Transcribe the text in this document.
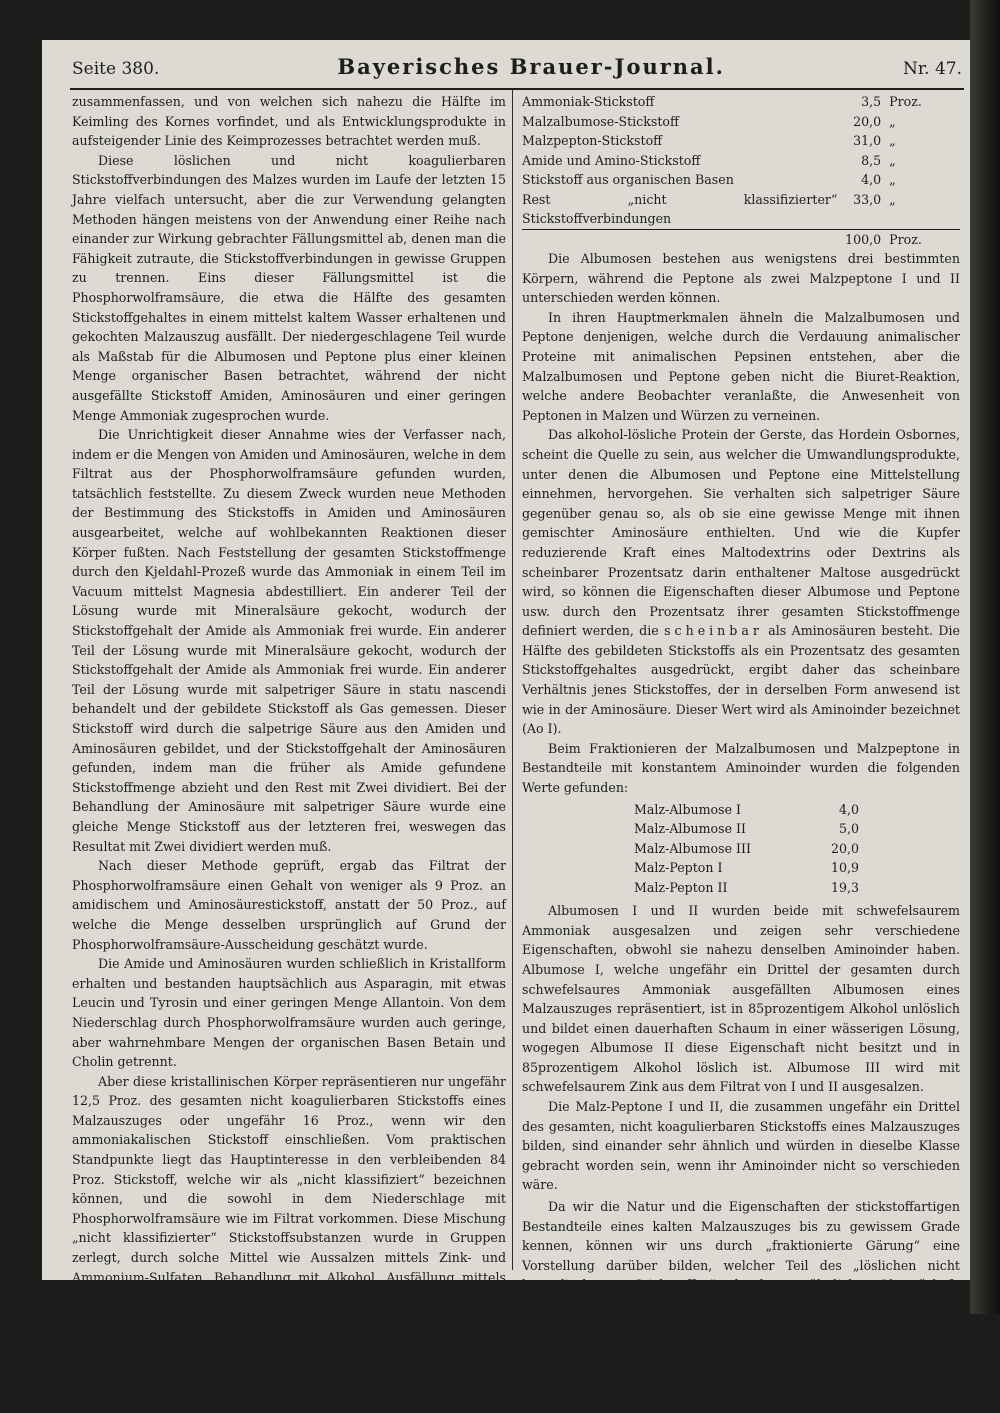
Seite 380.	Bayerisches Brauer-Journal.	Nr. 47.

zusammenfassen, und von welchen sich nahezu die Hälfte im Keimling des Kornes vorfindet, und als Entwicklungsprodukte in aufsteigender Linie des Keimprozesses betrachtet werden muß.

Diese löslichen und nicht koagulierbaren Stickstoffverbindungen des Malzes wurden im Laufe der letzten 15 Jahre vielfach untersucht, aber die zur Verwendung gelangten Methoden hängen meistens von der Anwendung einer Reihe nach einander zur Wirkung gebrachter Fällungsmittel ab, denen man die Fähigkeit zutraute, die Stickstoffverbindungen in gewisse Gruppen zu trennen. Eins dieser Fällungsmittel ist die Phosphorwolframsäure, die etwa die Hälfte des gesamten Stickstoffgehaltes in einem mittelst kaltem Wasser erhaltenen und gekochten Malzauszug ausfällt. Der niedergeschlagene Teil wurde als Maßstab für die Albumosen und Peptone plus einer kleinen Menge organischer Basen betrachtet, während der nicht ausgefällte Stickstoff Amiden, Aminosäuren und einer geringen Menge Ammoniak zugesprochen wurde.

Die Unrichtigkeit dieser Annahme wies der Verfasser nach, indem er die Mengen von Amiden und Aminosäuren, welche in dem Filtrat aus der Phosphorwolframsäure gefunden wurden, tatsächlich feststellte. Zu diesem Zweck wurden neue Methoden der Bestimmung des Stickstoffs in Amiden und Aminosäuren ausgearbeitet, welche auf wohlbekannten Reaktionen dieser Körper fußten. Nach Feststellung der gesamten Stickstoffmenge durch den Kjeldahl-Prozeß wurde das Ammoniak in einem Teil im Vacuum mittelst Magnesia abdestilliert. Ein anderer Teil der Lösung wurde mit Mineralsäure gekocht, wodurch der Stickstoffgehalt der Amide als Ammoniak frei wurde. Ein anderer Teil der Lösung wurde mit Mineralsäure gekocht, wodurch der Stickstoffgehalt der Amide als Ammoniak frei wurde. Ein anderer Teil der Lösung wurde mit salpetriger Säure in statu nascendi behandelt und der gebildete Stickstoff als Gas gemessen. Dieser Stickstoff wird durch die salpetrige Säure aus den Amiden und Aminosäuren gebildet, und der Stickstoffgehalt der Aminosäuren gefunden, indem man die früher als Amide gefundene Stickstoffmenge abzieht und den Rest mit Zwei dividiert. Bei der Behandlung der Aminosäure mit salpetriger Säure wurde eine gleiche Menge Stickstoff aus der letzteren frei, weswegen das Resultat mit Zwei dividiert werden muß.

Nach dieser Methode geprüft, ergab das Filtrat der Phosphorwolframsäure einen Gehalt von weniger als 9 Proz. an amidischem und Aminosäurestickstoff, anstatt der 50 Proz., auf welche die Menge desselben ursprünglich auf Grund der Phosphorwolframsäure-Ausscheidung geschätzt wurde.

Die Amide und Aminosäuren wurden schließlich in Kristallform erhalten und bestanden hauptsächlich aus Asparagin, mit etwas Leucin und Tyrosin und einer geringen Menge Allantoin. Von dem Niederschlag durch Phosphorwolframsäure wurden auch geringe, aber wahrnehmbare Mengen der organischen Basen Betain und Cholin getrennt.

Aber diese kristallinischen Körper repräsentieren nur ungefähr 12,5 Proz. des gesamten nicht koagulierbaren Stickstoffs eines Malzauszuges oder ungefähr 16 Proz., wenn wir den ammoniakalischen Stickstoff einschließen. Vom praktischen Standpunkte liegt das Hauptinteresse in den verbleibenden 84 Proz. Stickstoff, welche wir als „nicht klassifiziert“ bezeichnen können, und die sowohl in dem Niederschlage mit Phosphorwolframsäure wie im Filtrat vorkommen. Diese Mischung „nicht klassifizierter“ Stickstoffsubstanzen wurde in Gruppen zerlegt, durch solche Mittel wie Aussalzen mittels Zink- und Ammonium-Sulfaten, Behandlung mit Alkohol, Ausfällung mittels Phosphorwolframsäure und durch Verwendung von Dialyse.

Durch solche Mittel wurden zwei Drittel des in einem vorher gekochten, kalten Malzauszug enthaltenen Stickstoffes erledigt. Die Verteilung auf die verschiedenen Klassen gibt ungefähr folgendes Bild:

Ammoniak-Stickstoff	3,5	Proz.
Malzalbumose-Stickstoff	20,0	„
Malzpepton-Stickstoff	31,0	„
Amide und Amino-Stickstoff	8,5	„
Stickstoff aus organischen Basen	4,0	„
Rest „nicht klassifizierter“ Stickstoffverbindungen	33,0	„
	100,0	Proz.

Die Albumosen bestehen aus wenigstens drei bestimmten Körpern, während die Peptone als zwei Malzpeptone I und II unterschieden werden können.

In ihren Hauptmerkmalen ähneln die Malzalbumosen und Peptone denjenigen, welche durch die Verdauung animalischer Proteine mit animalischen Pepsinen entstehen, aber die Malzalbumosen und Peptone geben nicht die Biuret-Reaktion, welche andere Beobachter veranlaßte, die Anwesenheit von Peptonen in Malzen und Würzen zu verneinen.

Das alkohol-lösliche Protein der Gerste, das Hordein Osbornes, scheint die Quelle zu sein, aus welcher die Umwandlungsprodukte, unter denen die Albumosen und Peptone eine Mittelstellung einnehmen, hervorgehen. Sie verhalten sich salpetriger Säure gegenüber genau so, als ob sie eine gewisse Menge mit ihnen gemischter Aminosäure enthielten. Und wie die Kupfer reduzierende Kraft eines Maltodextrins oder Dextrins als scheinbarer Prozentsatz darin enthaltener Maltose ausgedrückt wird, so können die Eigenschaften dieser Albumose und Peptone usw. durch den Prozentsatz ihrer gesamten Stickstoffmenge definiert werden, die scheinbar als Aminosäuren besteht. Die Hälfte des gebildeten Stickstoffs als ein Prozentsatz des gesamten Stickstoffgehaltes ausgedrückt, ergibt daher das scheinbare Verhältnis jenes Stickstoffes, der in derselben Form anwesend ist wie in der Aminosäure. Dieser Wert wird als Aminoinder bezeichnet (Ao I).

Beim Fraktionieren der Malzalbumosen und Malzpeptone in Bestandteile mit konstantem Aminoinder wurden die folgenden Werte gefunden:

Malz-Albumose I	4,0
Malz-Albumose II	5,0
Malz-Albumose III	20,0
Malz-Pepton I	10,9
Malz-Pepton II	19,3

Albumosen I und II wurden beide mit schwefelsaurem Ammoniak ausgesalzen und zeigen sehr verschiedene Eigenschaften, obwohl sie nahezu denselben Aminoinder haben. Albumose I, welche ungefähr ein Drittel der gesamten durch schwefelsaures Ammoniak ausgefällten Albumosen eines Malzauszuges repräsentiert, ist in 85prozentigem Alkohol unlöslich und bildet einen dauerhaften Schaum in einer wässerigen Lösung, wogegen Albumose II diese Eigenschaft nicht besitzt und in 85prozentigem Alkohol löslich ist. Albumose III wird mit schwefelsaurem Zink aus dem Filtrat von I und II ausgesalzen.

Die Malz-Peptone I und II, die zusammen ungefähr ein Drittel des gesamten, nicht koagulierbaren Stickstoffs eines Malzauszuges bilden, sind einander sehr ähnlich und würden in dieselbe Klasse gebracht worden sein, wenn ihr Aminoinder nicht so verschieden wäre.

Da wir die Natur und die Eigenschaften der stickstoffartigen Bestandteile eines kalten Malzauszuges bis zu gewissem Grade kennen, können wir uns durch „fraktionierte Gärung“ eine Vorstellung darüber bilden, welcher Teil des „löslichen nicht koagulierbaren Stickstoffes“ durch gewöhnliche Obergärhefe entfernt werden kann, wenn die Bedingungen für deren Wachstum möglichst günstige sind.

Die Lösung für diese fraktionierten Gärungen wurde 3 Stunden erhitzt, um die Ausfällung zu einer vollständigen zu machen, und enthielt ungefähr 0,1 Gramm Stickstoff per 100 Kubikzentimeter, dessen
